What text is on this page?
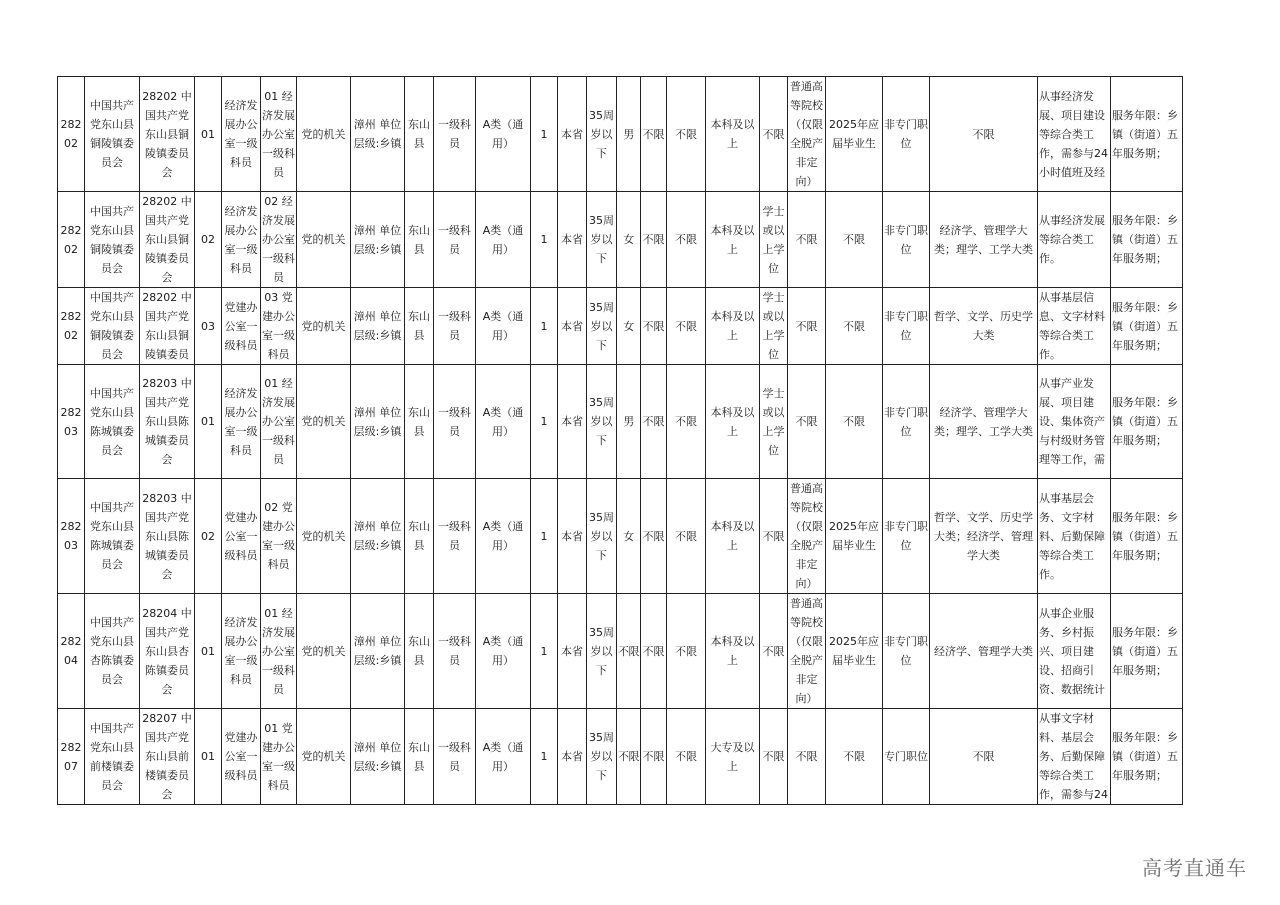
28202	中国共产党东山县铜陵镇委员会	28202 中国共产党东山县铜陵镇委员会	01	经济发展办公室一级科员	01 经济发展办公室一级科员	党的机关	漳州 单位层级:乡镇	东山县	一级科员	A类（通用）	1	本省	35周岁以下	男	不限	不限	本科及以上	不限	普通高等院校（仅限全脱产非定向）	2025年应届毕业生	非专门职位	不限	从事经济发展、项目建设等综合类工作，需参与24小时值班及经	服务年限：乡镇（街道）五年服务期；
28202	中国共产党东山县铜陵镇委员会	28202 中国共产党东山县铜陵镇委员会	02	经济发展办公室一级科员	02 经济发展办公室一级科员	党的机关	漳州 单位层级:乡镇	东山县	一级科员	A类（通用）	1	本省	35周岁以下	女	不限	不限	本科及以上	学士或以上学位	不限	不限	非专门职位	经济学、管理学大类；理学、工学大类	从事经济发展等综合类工作。	服务年限：乡镇（街道）五年服务期；
28202	中国共产党东山县铜陵镇委员会	28202 中国共产党东山县铜陵镇委员	03	党建办公室一级科员	03 党建办公室一级科员	党的机关	漳州 单位层级:乡镇	东山县	一级科员	A类（通用）	1	本省	35周岁以下	女	不限	不限	本科及以上	学士或以上学位	不限	不限	非专门职位	哲学、文学、历史学大类	从事基层信息、文字材料等综合类工作。	服务年限：乡镇（街道）五年服务期；
28203	中国共产党东山县陈城镇委员会	28203 中国共产党东山县陈城镇委员会	01	经济发展办公室一级科员	01 经济发展办公室一级科员	党的机关	漳州 单位层级:乡镇	东山县	一级科员	A类（通用）	1	本省	35周岁以下	男	不限	不限	本科及以上	学士或以上学位	不限	不限	非专门职位	经济学、管理学大类；理学、工学大类	从事产业发展、项目建设、集体资产与村级财务管理等工作，需	服务年限：乡镇（街道）五年服务期；
28203	中国共产党东山县陈城镇委员会	28203 中国共产党东山县陈城镇委员会	02	党建办公室一级科员	02 党建办公室一级科员	党的机关	漳州 单位层级:乡镇	东山县	一级科员	A类（通用）	1	本省	35周岁以下	女	不限	不限	本科及以上	不限	普通高等院校（仅限全脱产非定向）	2025年应届毕业生	非专门职位	哲学、文学、历史学大类；经济学、管理学大类	从事基层会务、文字材料、后勤保障等综合类工作。	服务年限：乡镇（街道）五年服务期；
28204	中国共产党东山县杏陈镇委员会	28204 中国共产党东山县杏陈镇委员会	01	经济发展办公室一级科员	01 经济发展办公室一级科员	党的机关	漳州 单位层级:乡镇	东山县	一级科员	A类（通用）	1	本省	35周岁以下	不限	不限	不限	本科及以上	不限	普通高等院校（仅限全脱产非定向）	2025年应届毕业生	非专门职位	经济学、管理学大类	从事企业服务、乡村振兴、项目建设、招商引资、数据统计	服务年限：乡镇（街道）五年服务期；
28207	中国共产党东山县前楼镇委员会	28207 中国共产党东山县前楼镇委员会	01	党建办公室一级科员	01 党建办公室一级科员	党的机关	漳州 单位层级:乡镇	东山县	一级科员	A类（通用）	1	本省	35周岁以下	不限	不限	不限	大专及以上	不限	不限	不限	专门职位	不限	从事文字材料、基层会务、后勤保障等综合类工作，需参与24	服务年限：乡镇（街道）五年服务期；
高考直通车
